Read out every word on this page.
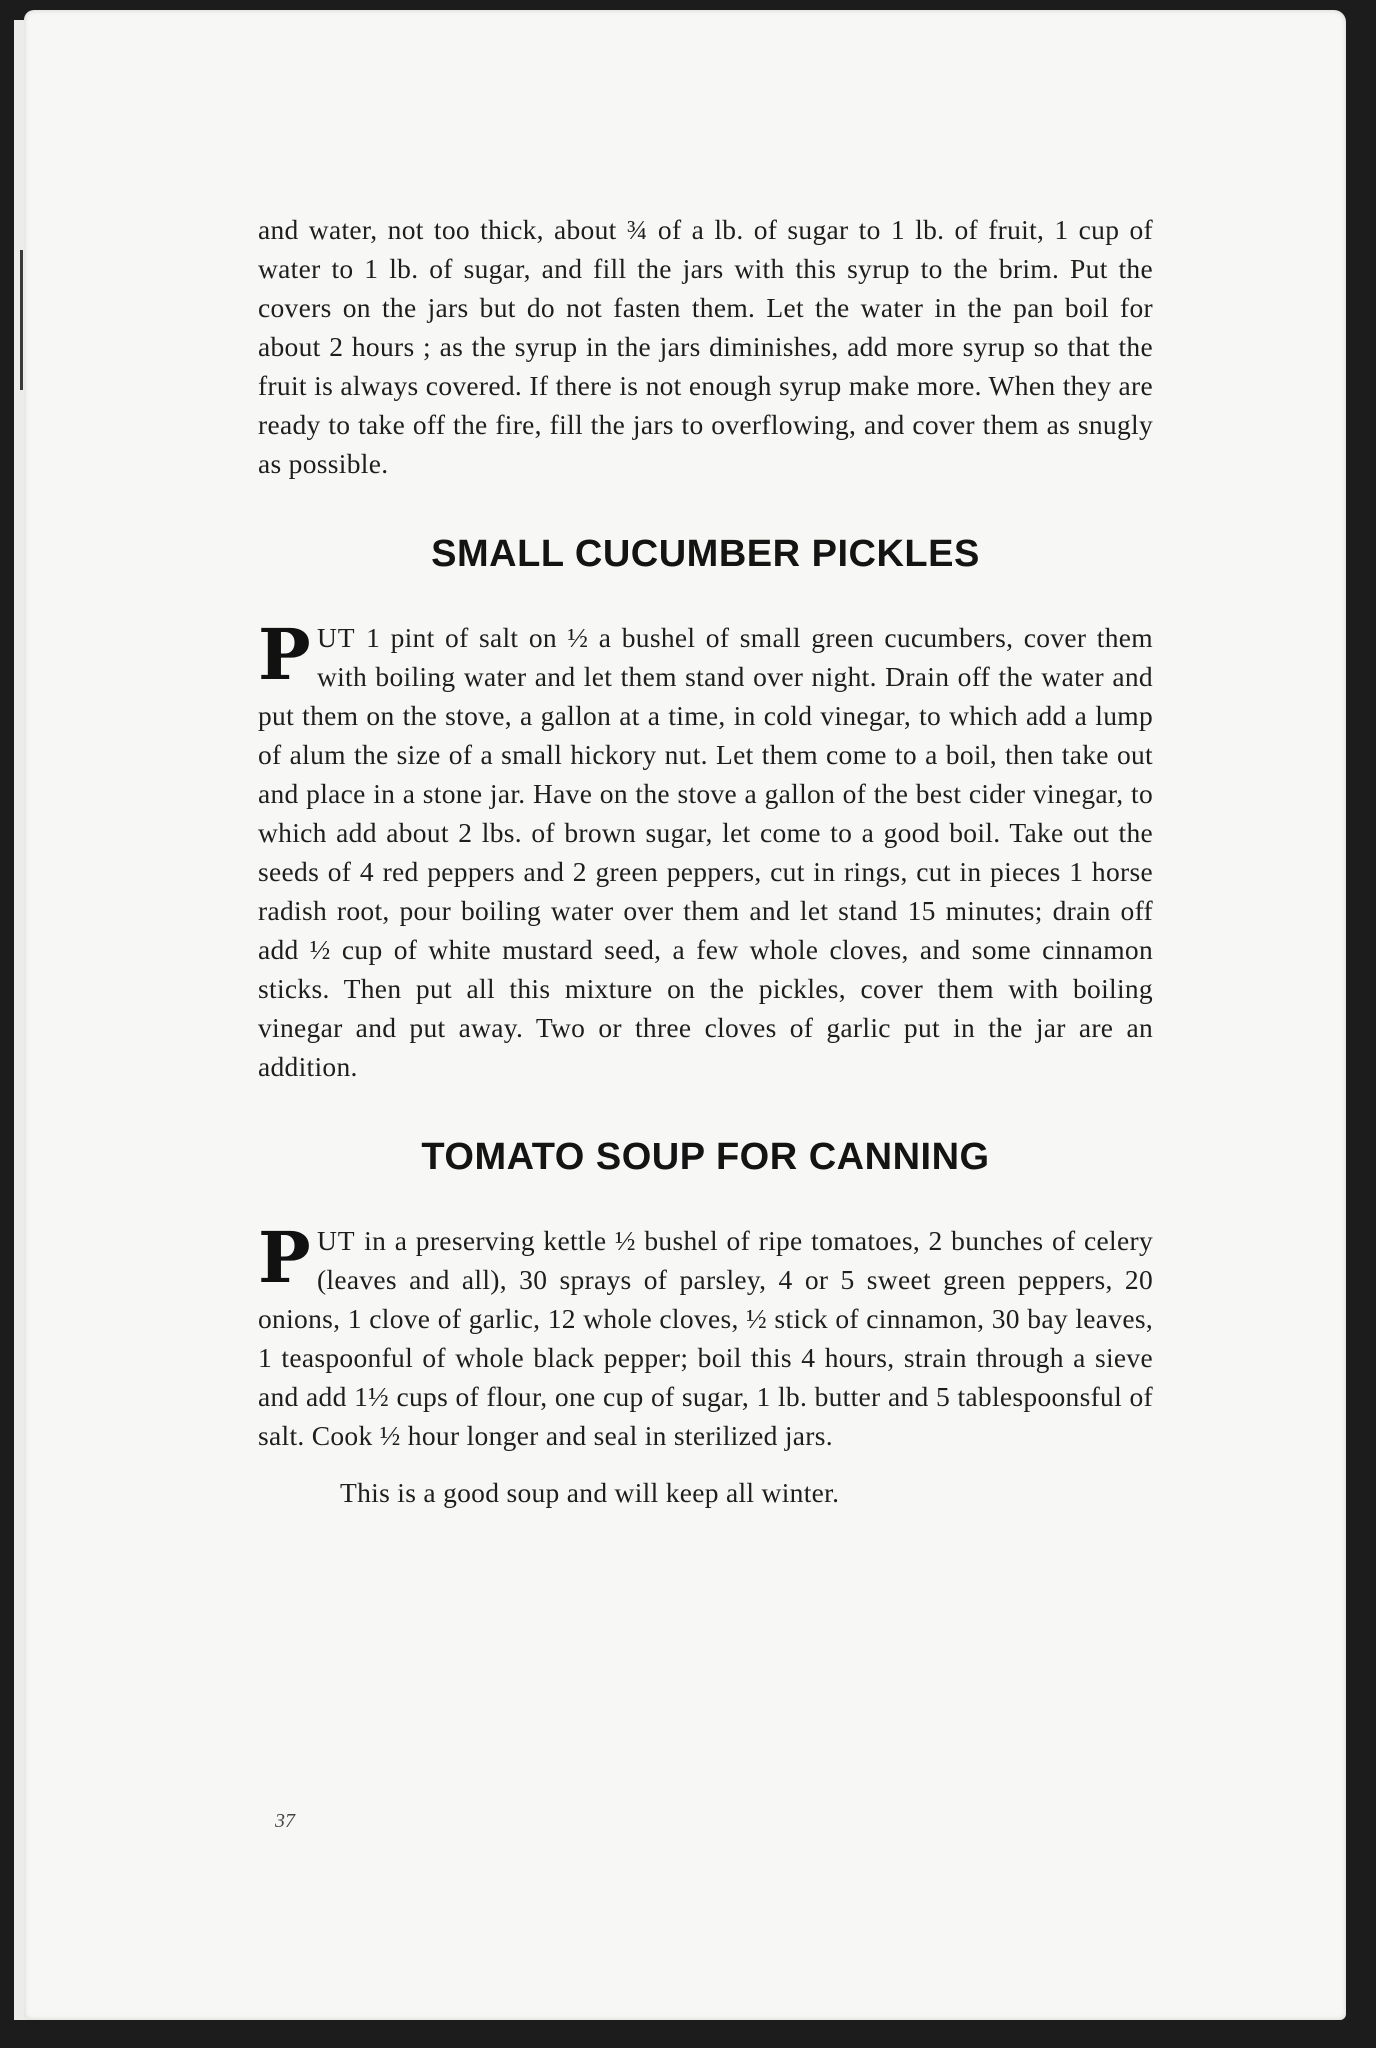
and water, not too thick, about ¾ of a lb. of sugar to 1 lb. of fruit, 1 cup of water to 1 lb. of sugar, and fill the jars with this syrup to the brim. Put the covers on the jars but do not fasten them. Let the water in the pan boil for about 2 hours ; as the syrup in the jars diminishes, add more syrup so that the fruit is always covered. If there is not enough syrup make more. When they are ready to take off the fire, fill the jars to overflowing, and cover them as snugly as possible.

SMALL CUCUMBER PICKLES

PUT 1 pint of salt on ½ a bushel of small green cucumbers, cover them with boiling water and let them stand over night. Drain off the water and put them on the stove, a gallon at a time, in cold vinegar, to which add a lump of alum the size of a small hickory nut. Let them come to a boil, then take out and place in a stone jar. Have on the stove a gallon of the best cider vinegar, to which add about 2 lbs. of brown sugar, let come to a good boil. Take out the seeds of 4 red peppers and 2 green peppers, cut in rings, cut in pieces 1 horse radish root, pour boiling water over them and let stand 15 minutes; drain off add ½ cup of white mustard seed, a few whole cloves, and some cinnamon sticks. Then put all this mixture on the pickles, cover them with boiling vinegar and put away. Two or three cloves of garlic put in the jar are an addition.

TOMATO SOUP FOR CANNING

PUT in a preserving kettle ½ bushel of ripe tomatoes, 2 bunches of celery (leaves and all), 30 sprays of parsley, 4 or 5 sweet green peppers, 20 onions, 1 clove of garlic, 12 whole cloves, ½ stick of cinnamon, 30 bay leaves, 1 teaspoonful of whole black pepper; boil this 4 hours, strain through a sieve and add 1½ cups of flour, one cup of sugar, 1 lb. butter and 5 tablespoonsful of salt. Cook ½ hour longer and seal in sterilized jars.

This is a good soup and will keep all winter.

37
